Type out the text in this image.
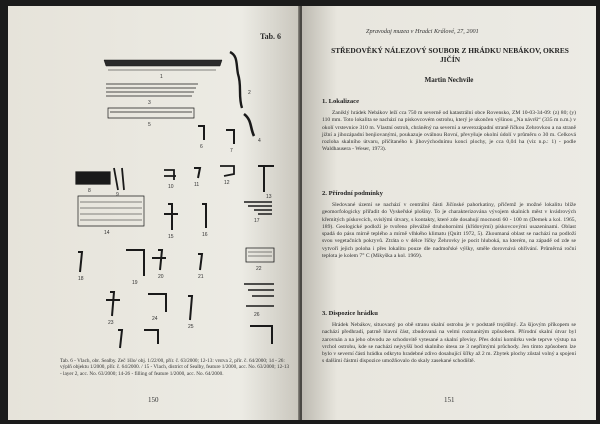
Tab. 6
1
2
3
4
5
6
7
8
9
10	11	12
13
14
15	16
17
18
19
20	21
22
23
24
25
26
Tab. 6 - Vlach, obr. Sealby. Zeč 1šlo/ obj. 1/22/00, přír. č. 63/2000; 12-13: vrstva 2, přír. č. 64/2000; 14 - 26: výplň objektu 1/2000, přír. č. 64/2000. / 15 - Vlach, district of Sealby, feature 1/2000, acc. No. 63/2000; 12-13 - layer 2, acc. No. 63/2000; 14-26 - filling of feature 1/2000, acc. No. 64/2000.
150
Zpravodaj muzea v Hradci Králové, 27, 2001
STŘEDOVĚKÝ NÁLEZOVÝ SOUBOR Z HRÁDKU NEBÁKOV, OKRES JIČÍN
Martin Nechvíle
1. Lokalizace
Zaniklý hrádek Nebákov leží cca 750 m severně od katastrální obce Rovensko, ZM 10-03-34-09: (z) 80; (y) 110 mm. Toto lokalita se nachází na pískovcovém ostrohu, který je ukončen výšinou „Na návrší“ (335 m n.m.) v okolí vrstevnice 310 m. Vlastní ostroh, chráněný na severní a severozápadní straně říčkou Zehrovkou a na straně jižní a jihozápadní benjiovanými, poukazuje oválnou Rovní, převyšuje okolní údolí v průměru o 30 m. Celková rozloha skalního útvaru, přičítaného k jihovýchodnímu konci plochy, je cca 0,04 ha (viz n.p.: 1) - podle Waldhausera - Weser, 1973).
2. Přírodní podmínky
Sledované území se nachází v centrální části Jičínské pahorkatiny, přičemž je možné lokalitu blíže geomorfologicky přiřadit do Vyskeřské plošiny. To je charakterizována vývojem skalních měst v kvádrových křemitých pískovcích, svislými útvary, s kontakty, které zde dosahují mocnosti 60 - 100 m (Demek a kol. 1965, 189). Geologické podloží je tvořeno převážně druhohorními (křídovými) pískovcovými usazeninami. Oblast spadá do pásu mírně teplého a mírně vlhkého klimatu (Quitt 1972, 5). Zkoumaná oblast se nachází na podloží svou vegetačních pokryvů. Ztráta o v délce říčky Žehrovky je pocit hluboká, na kterém, na západě od zde se vytvoří jejich poloha i přes lokalitu pouze dle nadmořské výšky, směle dorovnává ohřívání. Průměrná roční teplota je kolem 7° C (Mikyška a kol. 1969).
3. Dispozice hrádku
Hrádek Nebákov, situovaný po obě stranu skalní ostrohu je v podstatě trojdílný. Za šíjovým příkopem se nachází předhradí, patrně hlavní část, zbudovaná na velmi rozmanitým způsobem. Přírodní skalní útvar byl zarovnán a na jeho obvodu ze schodovitě vytesané a skalní převisy. Přes dolní komůrku vede teprve výstup na vrchol ostrohu, kde se nachází nejvyšší bod skalního útesu ze 3 nepřímými průchody. Jen tímto způsobem lze bylo v severní části hrádku odkryto hradebné zdivo dosahující šířky až 2 m. Zbytek plochy zůstal volný a spojení s dalšími částmi dispozice umožňovalo do skaly zasekané schodiště.
151
